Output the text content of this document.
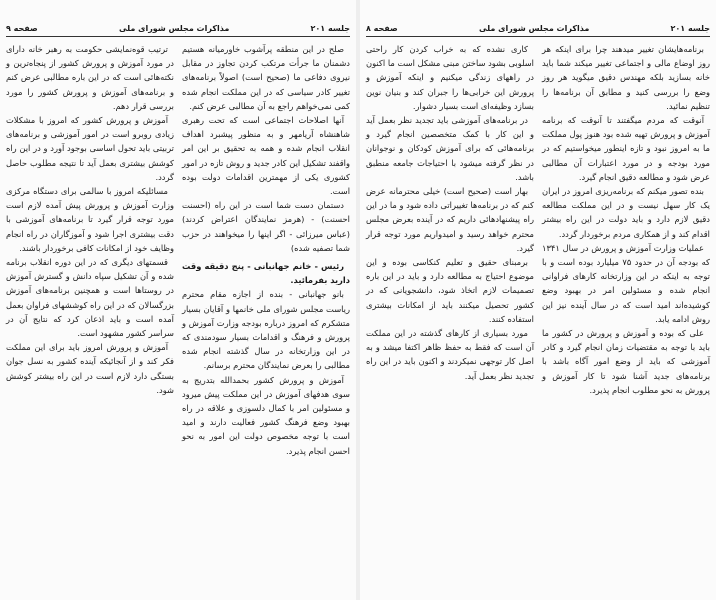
جلسه ۲۰۱
مذاکرات مجلس شورای ملی
صفحه ۹

صلح در این منطقه پرآشوب خاورمیانه هستیم دشمنان ما جرأت مرتکب کردن تجاوز در مقابل نیروی دفاعی ما (صحیح است) اصولاً برنامه‌های تغییر کادر سیاسی که در این مملکت انجام شده کمی نمی‌خواهم راجع به آن مطالبی عرض کنم.

آنها اصلاحات اجتماعی است که تحت رهبری شاهنشاه آریامهر و به منظور پیشبرد اهداف انقلاب انجام شده و همه به تحقیق بر این امر واقفند تشکیل این کادر جدید و روش تازه در امور کشوری یکی از مهمترین اقدامات دولت بوده است.

دستمان دست شما است در این راه (احسنت احسنت) - (هرمز نمایندگان اعتراض کردند) (عباس میرزائی - اگر اینها را میخواهند در حزب شما تصفیه شده)

رئیس - خانم جهانبانی - پنج دقیقه وقت دارید بفرمائید.

بانو جهانبانی - بنده از اجازه مقام محترم ریاست مجلس شورای ملی خانمها و آقایان بسیار متشکرم که امروز درباره بودجه وزارت آموزش و پرورش و فرهنگ و اقدامات بسیار سودمندی که در این وزارتخانه در سال گذشته انجام شده مطالبی را بعرض نمایندگان محترم برسانم.

آموزش و پرورش کشور بحمدالله بتدریج به سوی هدفهای آموزش در این مملکت پیش میرود و مسئولین امر با کمال دلسوزی و علاقه در راه بهبود وضع فرهنگ کشور فعالیت دارند و امید است با توجه مخصوص دولت این امور به نحو احسن انجام پذیرد.

ترتیب قوه‌نمایشی حکومت به رهبر خانه دارای در مورد آموزش و پرورش کشور از پنجاه‌ترین و نکته‌هائی است که در این باره مطالبی عرض کنم و برنامه‌های آموزش و پرورش کشور را مورد بررسی قرار دهم.

آموزش و پرورش کشور که امروز با مشکلات زیادی روبرو است در امور آموزشی و برنامه‌های تربیتی باید تحول اساسی بوجود آورد و در این راه کوشش بیشتری بعمل آید تا نتیجه مطلوب حاصل گردد.

مسائلیکه امروز با سالمی برای دستگاه مرکزی وزارت آموزش و پرورش پیش آمده لازم است مورد توجه قرار گیرد تا برنامه‌های آموزشی با دقت بیشتری اجرا شود و آموزگاران در راه انجام وظایف خود از امکانات کافی برخوردار باشند.

قسمتهای دیگری که در این دوره انقلاب برنامه شده و آن تشکیل سپاه دانش و گسترش آموزش در روستاها است و همچنین برنامه‌های آموزش بزرگسالان که در این راه کوششهای فراوان بعمل آمده است و باید اذعان کرد که نتایج آن در سراسر کشور مشهود است.

آموزش و پرورش امروز باید برای این مملکت فکر کند و از آنجائیکه آینده کشور به نسل جوان بستگی دارد لازم است در این راه بیشتر کوشش شود.

صفحه ۸	مذاکرات مجلس شورای ملی	جلسه ۲۰۱

برنامه‌هایشان تغییر میدهند چرا برای اینکه هر روز اوضاع مالی و اجتماعی تغییر میکند شما باید خانه بسازید بلکه مهندس دقیق میگوید هر روز وضع را بررسی کنید و مطابق آن برنامه‌ها را تنظیم نمائید.

آنوقت که مردم میگفتند تا آنوقت که برنامه آموزش و پرورش تهیه شده بود هنوز پول مملکت ما به امروز نبود و تازه اینطور میخواستیم که در مورد بودجه و در مورد اعتبارات آن مطالبی عرض شود و مطالعه دقیق انجام گیرد.

بنده تصور میکنم که برنامه‌ریزی امروز در ایران یک کار سهل نیست و در این مملکت مطالعه دقیق لازم دارد و باید دولت در این راه بیشتر اقدام کند و از همکاری مردم برخوردار گردد.

عملیات وزارت آموزش و پرورش در سال ۱۳۴۱ که بودجه آن در حدود ۷۵ میلیارد بوده است و با توجه به اینکه در این وزارتخانه کارهای فراوانی انجام شده و مسئولین امر در بهبود وضع کوشیده‌اند امید است که در سال آینده نیز این روش ادامه یابد.

علی که بوده و آموزش و پرورش در کشور ما باید با توجه به مقتضیات زمان انجام گیرد و کادر آموزشی که باید از وضع امور آگاه باشد با برنامه‌های جدید آشنا شود تا کار آموزش و پرورش به نحو مطلوب انجام پذیرد.

کاری نشده که به خراب کردن کار راحتی اسلوبی بشود ساختن مبنی مشکل است ما اکنون در راههای زندگی میکنیم و اینکه آموزش و پرورش این خرابی‌ها را جبران کند و بنیان نوین بسازد وظیفه‌ای است بسیار دشوار.

در برنامه‌های آموزشی باید تجدید نظر بعمل آید و این کار با کمک متخصصین انجام گیرد و برنامه‌هائی که برای آموزش کودکان و نوجوانان در نظر گرفته میشود با احتیاجات جامعه منطبق باشد.

بهار است (صحیح است) خیلی محترمانه عرض کنم که در برنامه‌ها تغییراتی داده شود و ما در این راه پیشنهاد‌هائی داریم که در آینده بعرض مجلس محترم خواهد رسید و امیدواریم مورد توجه قرار گیرد.

برمبنای حقیق و تعلیم کنکاسی بوده و این موضوع احتیاج به مطالعه دارد و باید در این باره تصمیمات لازم اتخاذ شود، دانشجویانی که در کشور تحصیل میکنند باید از امکانات بیشتری استفاده کنند.

مورد بسیاری از کارهای گذشته در این مملکت آن است که فقط به حفظ ظاهر اکتفا میشد و به اصل کار توجهی نمیکردند و اکنون باید در این راه تجدید نظر بعمل آید.
